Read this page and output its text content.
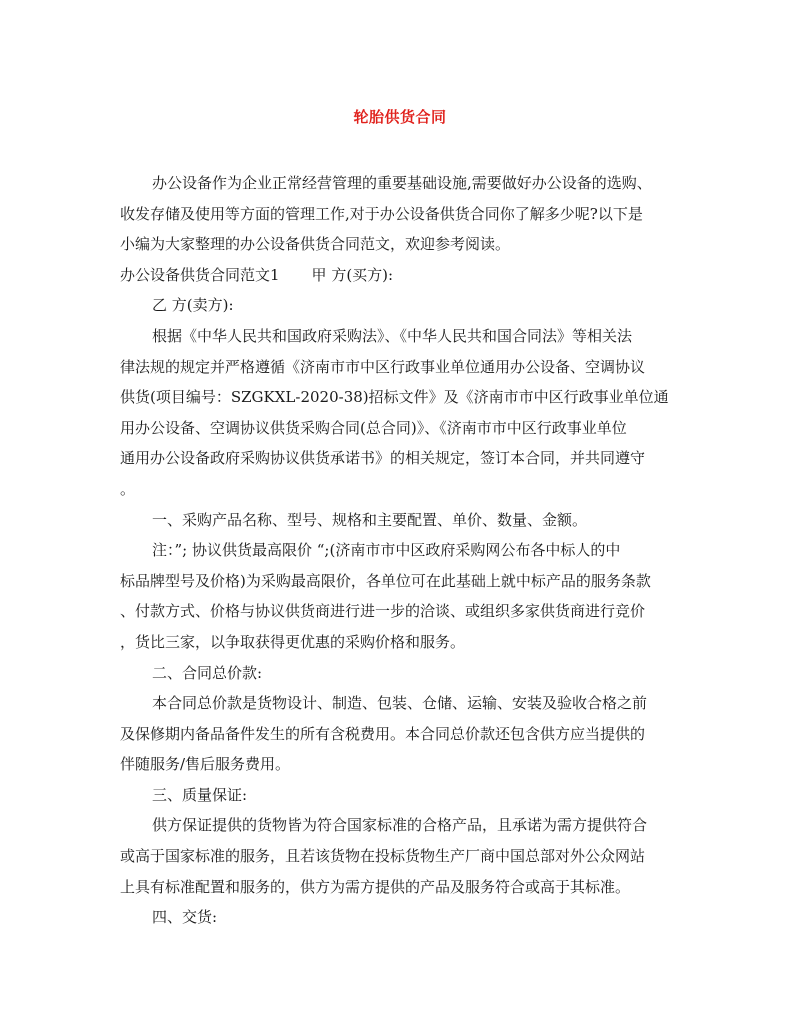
轮胎供货合同
办公设备作为企业正常经营管理的重要基础设施,需要做好办公设备的选购、
收发存储及使用等方面的管理工作,对于办公设备供货合同你了解多少呢?以下是
小编为大家整理的办公设备供货合同范文，欢迎参考阅读。
办公设备供货合同范文1 甲 方(买方):
乙 方(卖方):
根据《中华人民共和国政府采购法》、《中华人民共和国合同法》等相关法
律法规的规定并严格遵循《济南市市中区行政事业单位通用办公设备、空调协议
供货(项目编号：SZGKXL-2020-38)招标文件》及《济南市市中区行政事业单位通
用办公设备、空调协议供货采购合同(总合同)》、《济南市市中区行政事业单位
通用办公设备政府采购协议供货承诺书》的相关规定，签订本合同，并共同遵守
。
一、采购产品名称、型号、规格和主要配置、单价、数量、金额。
注：”; 协议供货最高限价 “;(济南市市中区政府采购网公布各中标人的中
标品牌型号及价格)为采购最高限价，各单位可在此基础上就中标产品的服务条款
、付款方式、价格与协议供货商进行进一步的洽谈、或组织多家供货商进行竞价
，货比三家，以争取获得更优惠的采购价格和服务。
二、合同总价款:
本合同总价款是货物设计、制造、包装、仓储、运输、安装及验收合格之前
及保修期内备品备件发生的所有含税费用。本合同总价款还包含供方应当提供的
伴随服务/售后服务费用。
三、质量保证:
供方保证提供的货物皆为符合国家标准的合格产品，且承诺为需方提供符合
或高于国家标准的服务，且若该货物在投标货物生产厂商中国总部对外公众网站
上具有标准配置和服务的，供方为需方提供的产品及服务符合或高于其标准。
四、交货:
